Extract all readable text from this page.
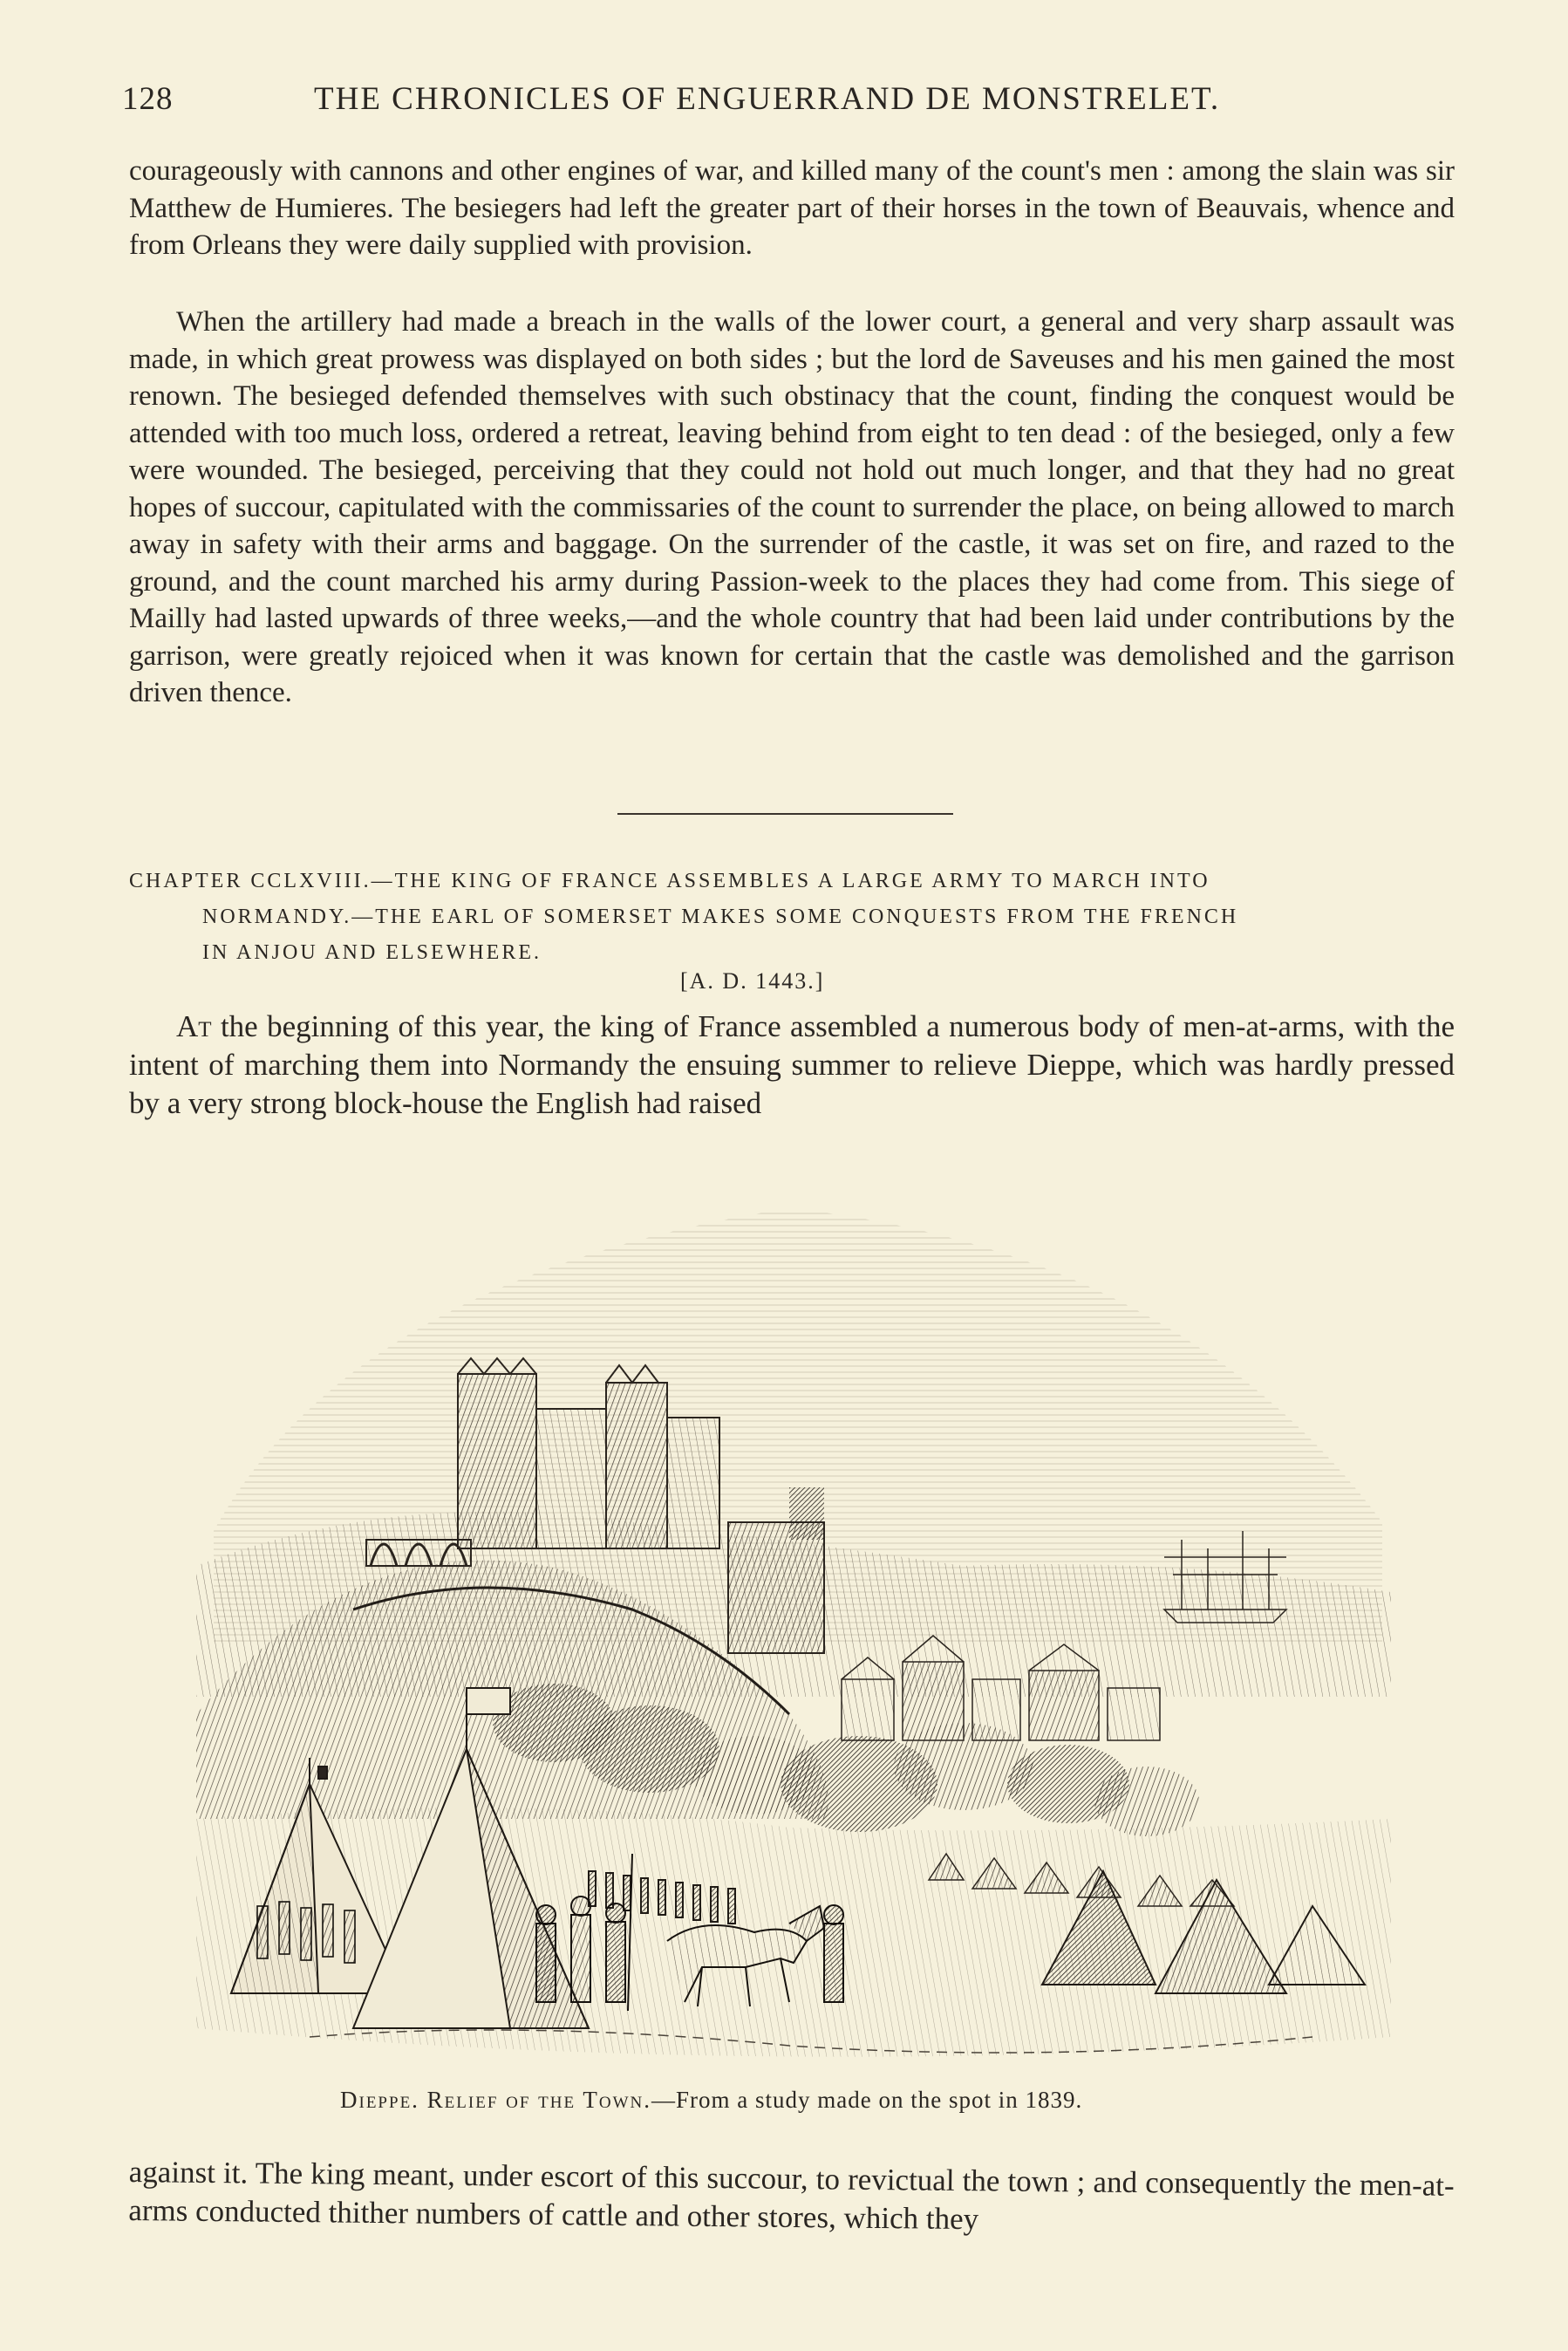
128	THE CHRONICLES OF ENGUERRAND DE MONSTRELET.

courageously with cannons and other engines of war, and killed many of the count's men : among the slain was sir Matthew de Humieres. The besiegers had left the greater part of their horses in the town of Beauvais, whence and from Orleans they were daily supplied with provision.

When the artillery had made a breach in the walls of the lower court, a general and very sharp assault was made, in which great prowess was displayed on both sides ; but the lord de Saveuses and his men gained the most renown. The besieged defended themselves with such obstinacy that the count, finding the conquest would be attended with too much loss, ordered a retreat, leaving behind from eight to ten dead : of the besieged, only a few were wounded. The besieged, perceiving that they could not hold out much longer, and that they had no great hopes of succour, capitulated with the commissaries of the count to surrender the place, on being allowed to march away in safety with their arms and baggage. On the surrender of the castle, it was set on fire, and razed to the ground, and the count marched his army during Passion-week to the places they had come from. This siege of Mailly had lasted upwards of three weeks,—and the whole country that had been laid under contributions by the garrison, were greatly rejoiced when it was known for certain that the castle was demolished and the garrison driven thence.

CHAPTER CCLXVIII.—THE KING OF FRANCE ASSEMBLES A LARGE ARMY TO MARCH INTO
NORMANDY.—THE EARL OF SOMERSET MAKES SOME CONQUESTS FROM THE FRENCH
IN ANJOU AND ELSEWHERE.
[A. D. 1443.]

At the beginning of this year, the king of France assembled a numerous body of men-at-arms, with the intent of marching them into Normandy the ensuing summer to relieve Dieppe, which was hardly pressed by a very strong block-house the English had raised

Dieppe. Relief of the Town.—From a study made on the spot in 1839.

against it. The king meant, under escort of this succour, to revictual the town ; and consequently the men-at-arms conducted thither numbers of cattle and other stores, which they
